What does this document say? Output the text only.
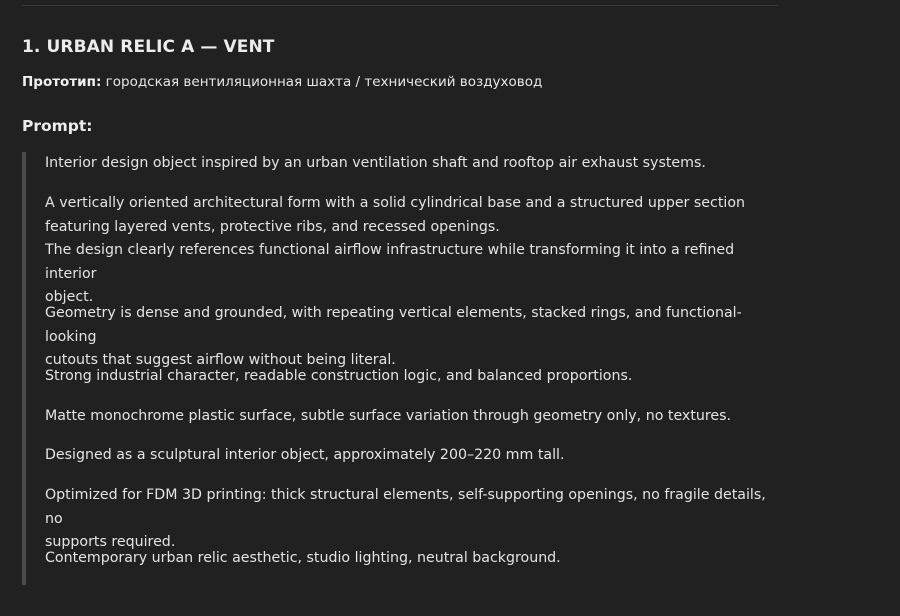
1. URBAN RELIC A — VENT

Прототип: городская вентиляционная шахта / технический воздуховод

Prompt:

Interior design object inspired by an urban ventilation shaft and rooftop air exhaust systems.

A vertically oriented architectural form with a solid cylindrical base and a structured upper section
featuring layered vents, protective ribs, and recessed openings.
The design clearly references functional airflow infrastructure while transforming it into a refined interior
object.

Geometry is dense and grounded, with repeating vertical elements, stacked rings, and functional-looking
cutouts that suggest airflow without being literal.

Strong industrial character, readable construction logic, and balanced proportions.

Matte monochrome plastic surface, subtle surface variation through geometry only, no textures.

Designed as a sculptural interior object, approximately 200–220 mm tall.

Optimized for FDM 3D printing: thick structural elements, self-supporting openings, no fragile details, no
supports required.

Contemporary urban relic aesthetic, studio lighting, neutral background.
